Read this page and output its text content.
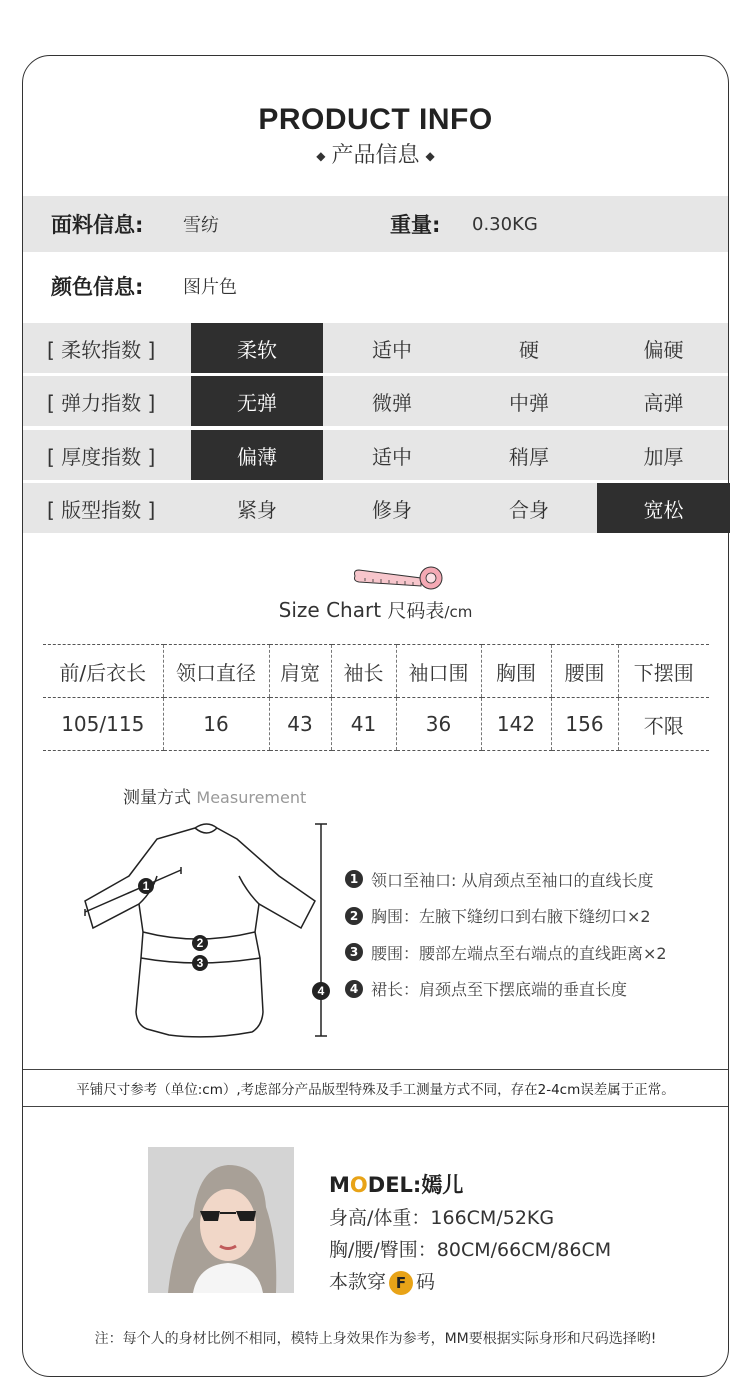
PRODUCT INFO
◆ 产品信息 ◆
面料信息: 雪纺	重量: 0.30KG
颜色信息: 图片色
[ 柔软指数 ]	柔软	适中	硬	偏硬
[ 弹力指数 ]	无弹	微弹	中弹	高弹
[ 厚度指数 ]	偏薄	适中	稍厚	加厚
[ 版型指数 ]	紧身	修身	合身	宽松
Size Chart 尺码表/cm
前/后衣长	领口直径	肩宽	袖长	袖口围	胸围	腰围	下摆围
105/115	16	43	41	36	142	156	不限
测量方式 Measurement
1
2
3
4
1 领口至袖口: 从肩颈点至袖口的直线长度
2 胸围：左腋下缝纫口到右腋下缝纫口×2
3 腰围：腰部左端点至右端点的直线距离×2
4 裙长：肩颈点至下摆底端的垂直长度
平铺尺寸参考（单位:cm）,考虑部分产品版型特殊及手工测量方式不同，存在2-4cm误差属于正常。
MODEL:嫣儿
身高/体重：166CM/52KG
胸/腰/臀围：80CM/66CM/86CM
本款穿 F 码
注：每个人的身材比例不相同，模特上身效果作为参考，MM要根据实际身形和尺码选择哟!
